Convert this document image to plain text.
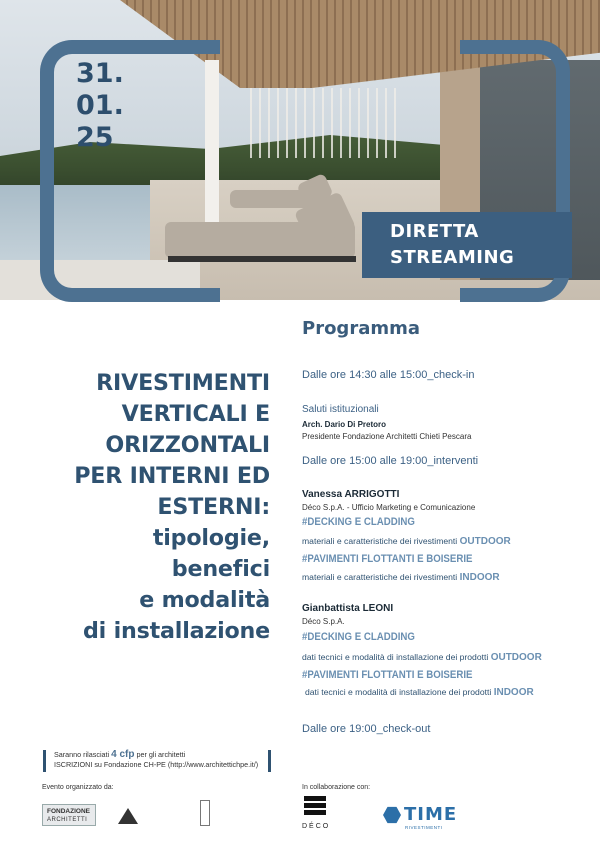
31.
01.
25
DIRETTA
STREAMING
RIVESTIMENTI
VERTICALI E
ORIZZONTALI
PER INTERNI ED
ESTERNI:
tipologie,
benefici
e modalità
di installazione
Programma
Dalle ore 14:30 alle 15:00_check-in
Saluti istituzionali
Arch. Dario Di Pretoro
Presidente Fondazione Architetti Chieti Pescara
Dalle ore 15:00 alle 19:00_interventi
Vanessa ARRIGOTTI
Déco S.p.A. - Ufficio Marketing e Comunicazione
#DECKING E CLADDING
materiali e caratteristiche dei rivestimenti OUTDOOR
#PAVIMENTI FLOTTANTI E BOISERIE
materiali e caratteristiche dei rivestimenti INDOOR
Gianbattista LEONI
Déco S.p.A.
#DECKING E CLADDING
dati tecnici e modalità di installazione dei prodotti OUTDOOR
#PAVIMENTI FLOTTANTI E BOISERIE
dati tecnici e modalità di installazione dei prodotti INDOOR
Dalle ore 19:00_check-out
Saranno rilasciati 4 cfp per gli architetti
ISCRIZIONI su Fondazione CH-PE (http://www.architettichpe.it/)
Evento organizzato da:	In collaborazione con:
FONDAZIONE
ARCHITETTI
DÉCO
TIME
RIVESTIMENTI
